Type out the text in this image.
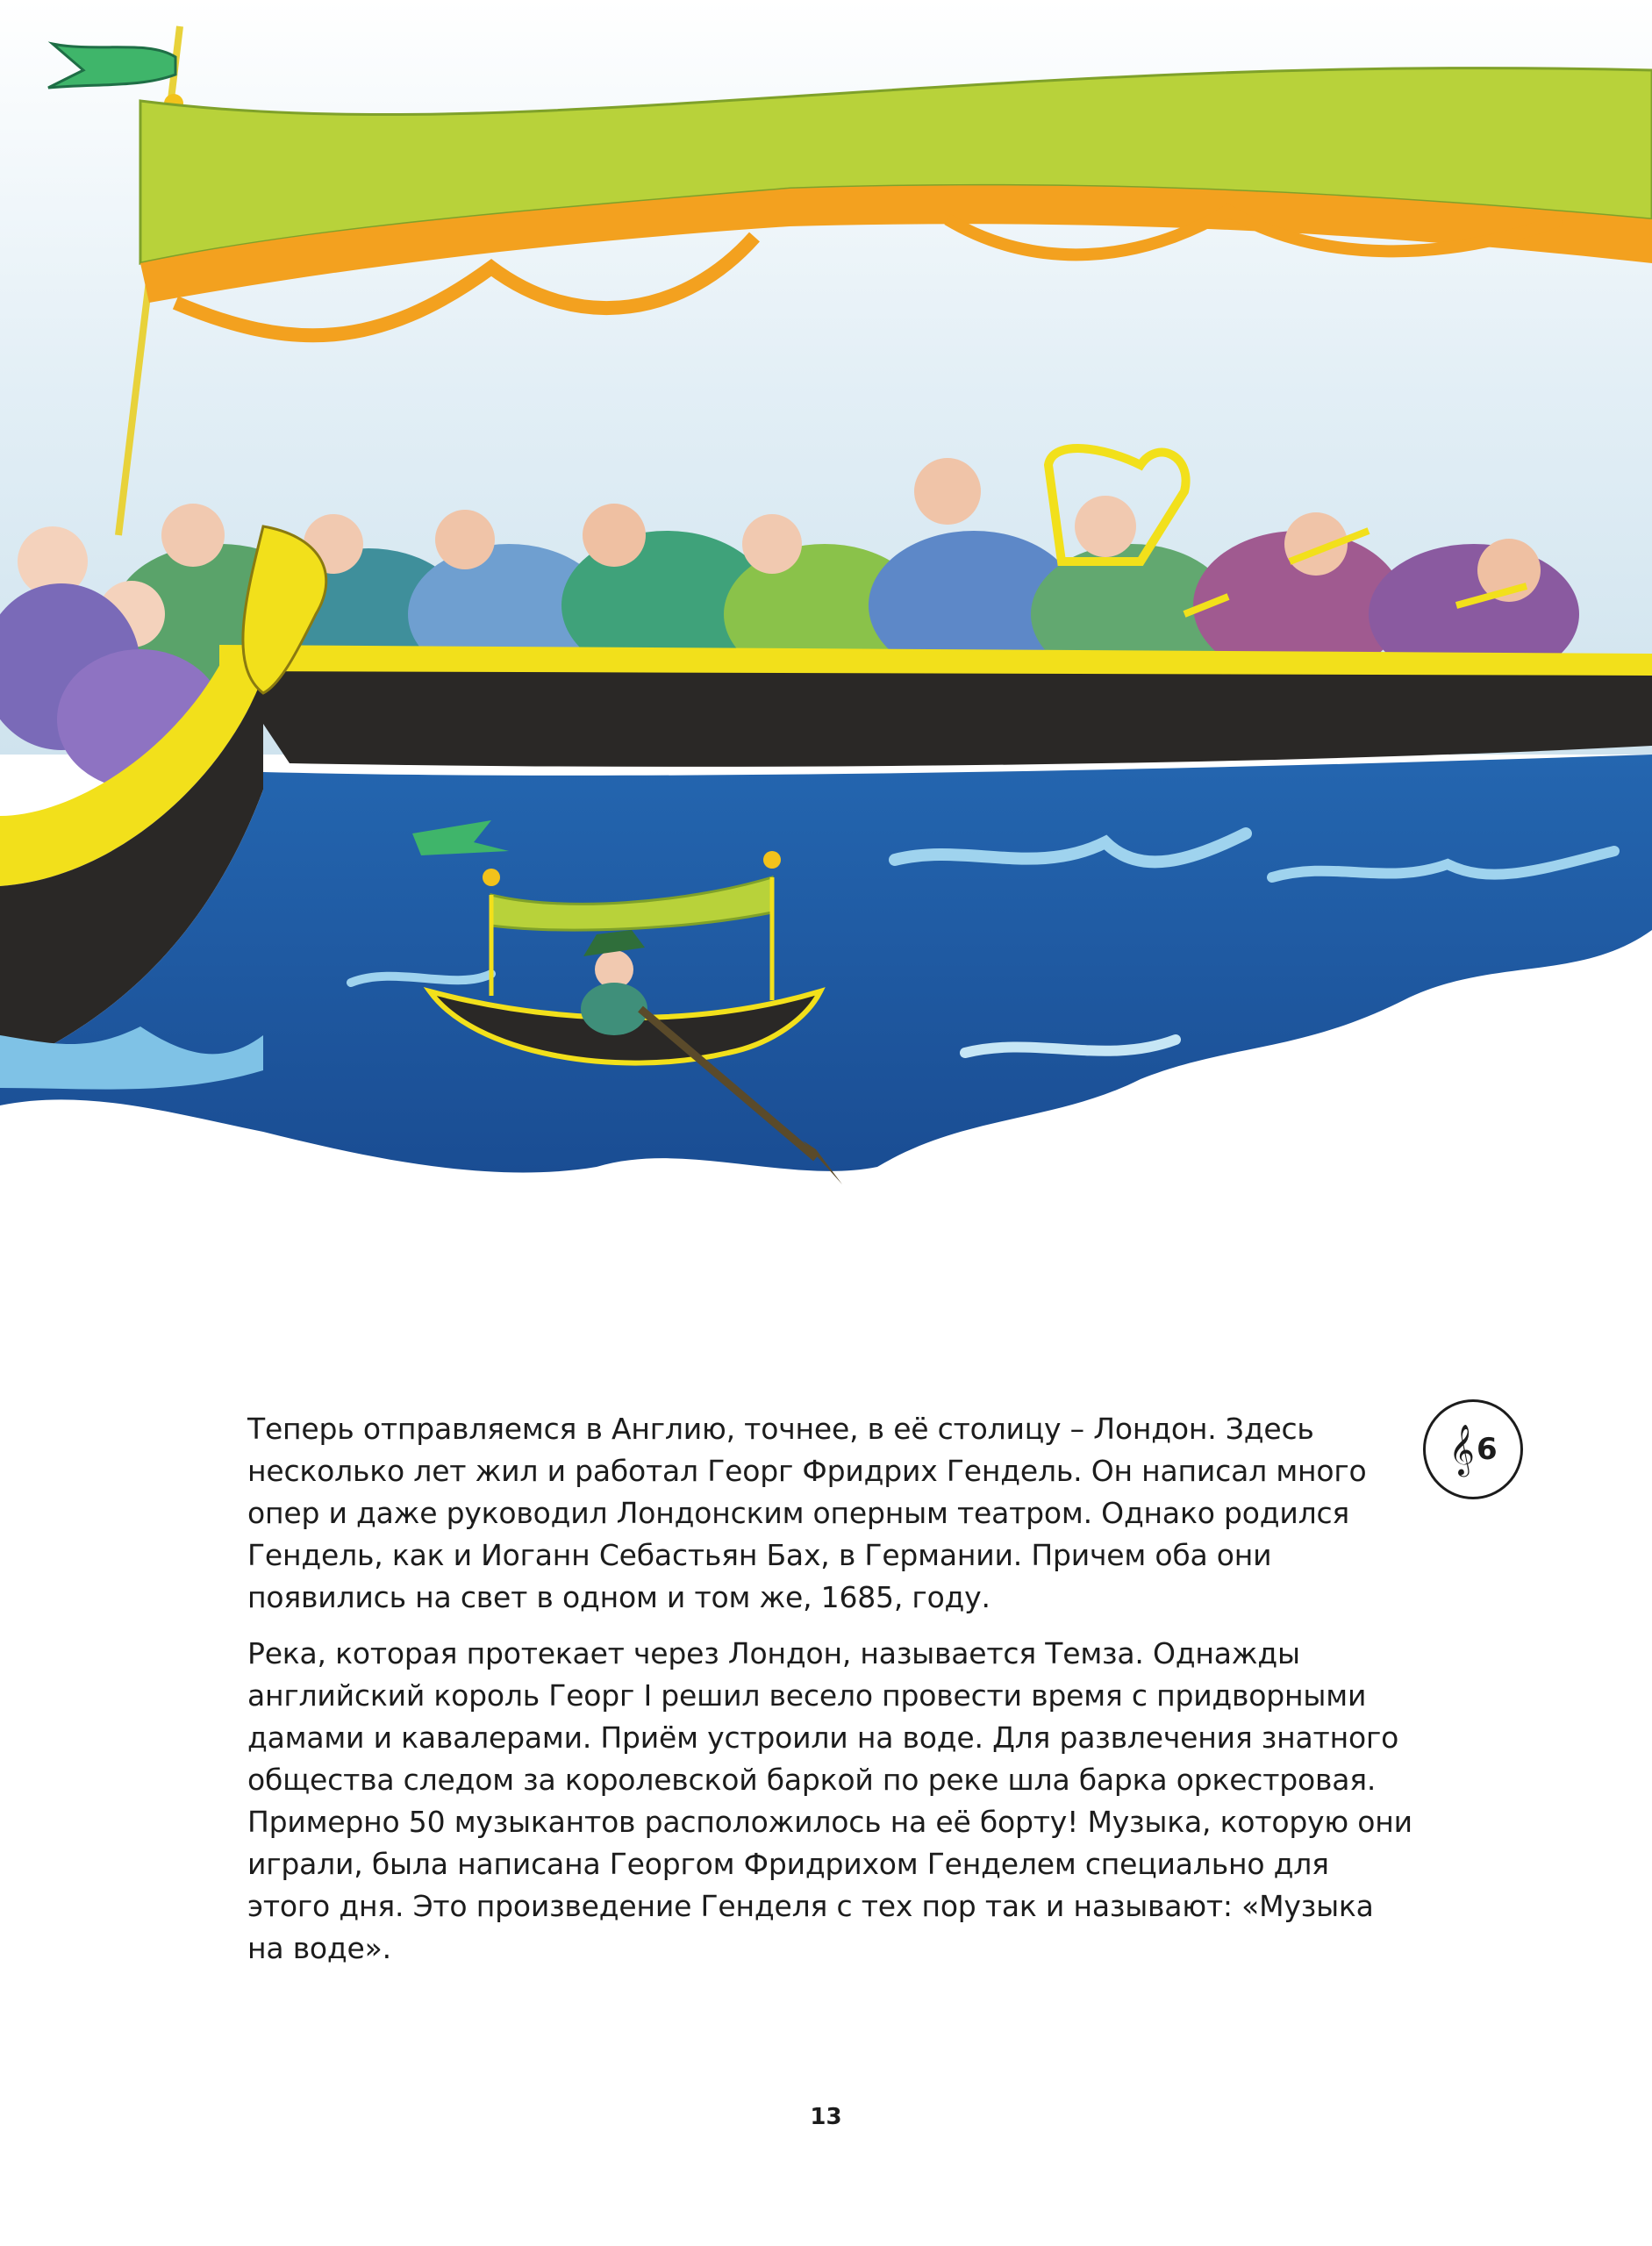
Теперь отправляемся в Англию, точнее, в её столицу – Лондон. Здесь несколько лет жил и работал Георг Фридрих Гендель. Он написал много опер и даже руководил Лондонским оперным театром. Однако родился Гендель, как и Иоганн Себастьян Бах, в Германии. Причем оба они появились на свет в одном и том же, 1685, году.

Река, которая протекает через Лондон, называется Темза. Однажды английский король Георг I решил весело провести время с придворными дамами и кавалерами. Приём устроили на воде. Для развлечения знатного общества следом за королевской баркой по реке шла барка оркестровая. Примерно 50 музыкантов расположилось на её борту! Музыка, которую они играли, была написана Георгом Фридрихом Генделем специально для этого дня. Это произведение Генделя с тех пор так и называют: «Музыка на воде».

𝄞 6
13
